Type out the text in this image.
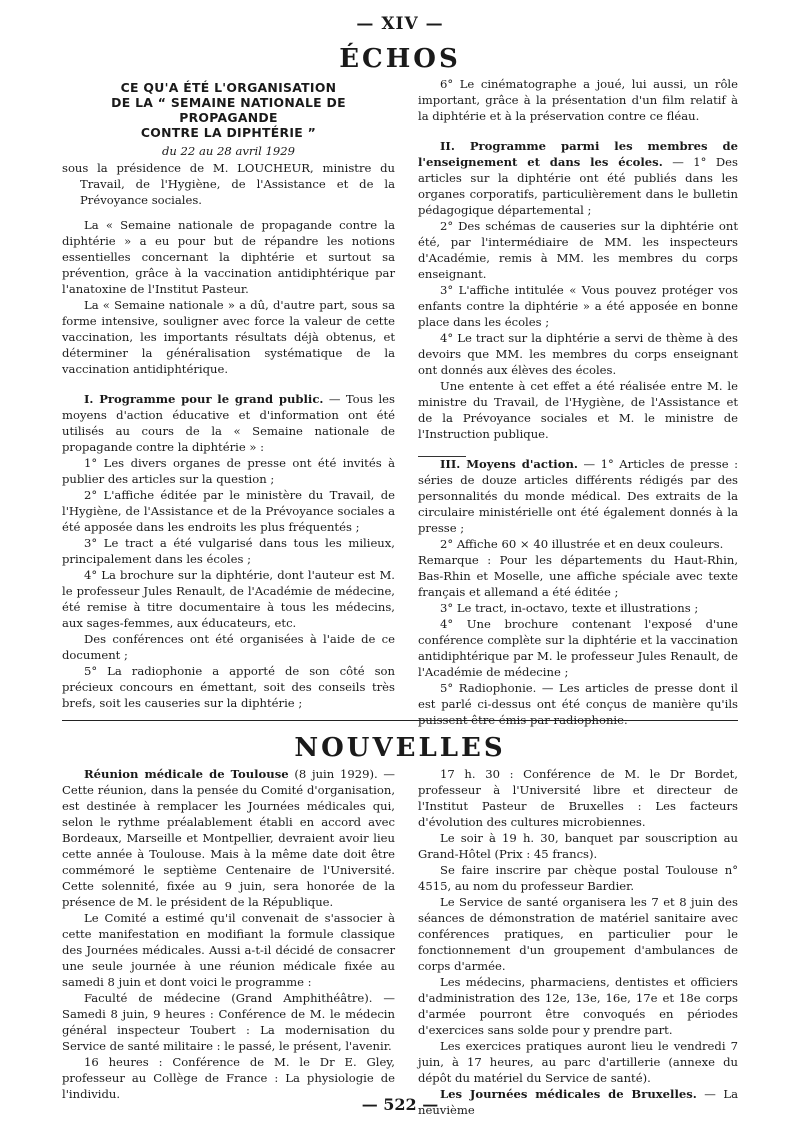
— XIV —
ÉCHOS
CE QU'A ÉTÉ L'ORGANISATION
DE LA “ SEMAINE NATIONALE DE PROPAGANDE
CONTRE LA DIPHTÉRIE ”
du 22 au 28 avril 1929

sous la présidence de M. LOUCHEUR, ministre du Travail, de l'Hygiène, de l'Assistance et de la Prévoyance sociales.

La « Semaine nationale de propagande contre la diphtérie » a eu pour but de répandre les notions essentielles concernant la diphtérie et surtout sa prévention, grâce à la vaccination antidiphtérique par l'anatoxine de l'Institut Pasteur.

La « Semaine nationale » a dû, d'autre part, sous sa forme intensive, souligner avec force la valeur de cette vaccination, les importants résultats déjà obtenus, et déterminer la généralisation systématique de la vaccination antidiphtérique.

I. Programme pour le grand public. — Tous les moyens d'action éducative et d'information ont été utilisés au cours de la « Semaine nationale de propagande contre la diphtérie » :

1° Les divers organes de presse ont été invités à publier des articles sur la question ;

2° L'affiche éditée par le ministère du Travail, de l'Hygiène, de l'Assistance et de la Prévoyance sociales a été apposée dans les endroits les plus fréquentés ;

3° Le tract a été vulgarisé dans tous les milieux, principalement dans les écoles ;

4° La brochure sur la diphtérie, dont l'auteur est M. le professeur Jules Renault, de l'Académie de médecine, été remise à titre documentaire à tous les médecins, aux sages-femmes, aux éducateurs, etc.

Des conférences ont été organisées à l'aide de ce document ;

5° La radiophonie a apporté de son côté son précieux concours en émettant, soit des conseils très brefs, soit les causeries sur la diphtérie ;

6° Le cinématographe a joué, lui aussi, un rôle important, grâce à la présentation d'un film relatif à la diphtérie et à la préservation contre ce fléau.

II. Programme parmi les membres de l'enseignement et dans les écoles. — 1° Des articles sur la diphtérie ont été publiés dans les organes corporatifs, particulièrement dans le bulletin pédagogique départemental ;

2° Des schémas de causeries sur la diphtérie ont été, par l'intermédiaire de MM. les inspecteurs d'Académie, remis à MM. les membres du corps enseignant.

3° L'affiche intitulée « Vous pouvez protéger vos enfants contre la diphtérie » a été apposée en bonne place dans les écoles ;

4° Le tract sur la diphtérie a servi de thème à des devoirs que MM. les membres du corps enseignant ont donnés aux élèves des écoles.

Une entente à cet effet a été réalisée entre M. le ministre du Travail, de l'Hygiène, de l'Assistance et de la Prévoyance sociales et M. le ministre de l'Instruction publique.

III. Moyens d'action. — 1° Articles de presse : séries de douze articles différents rédigés par des personnalités du monde médical. Des extraits de la circulaire ministérielle ont été également donnés à la presse ;

2° Affiche 60 × 40 illustrée et en deux couleurs.

Remarque : Pour les départements du Haut-Rhin, Bas-Rhin et Moselle, une affiche spéciale avec texte français et allemand a été éditée ;

3° Le tract, in-octavo, texte et illustrations ;

4° Une brochure contenant l'exposé d'une conférence complète sur la diphtérie et la vaccination antidiphtérique par M. le professeur Jules Renault, de l'Académie de médecine ;

5° Radiophonie. — Les articles de presse dont il est parlé ci-dessus ont été conçus de manière qu'ils puissent être émis par radiophonie.

NOUVELLES

Réunion médicale de Toulouse (8 juin 1929). — Cette réunion, dans la pensée du Comité d'organisation, est destinée à remplacer les Journées médicales qui, selon le rythme préalablement établi en accord avec Bordeaux, Marseille et Montpellier, devraient avoir lieu cette année à Toulouse. Mais à la même date doit être commémoré le septième Centenaire de l'Université. Cette solennité, fixée au 9 juin, sera honorée de la présence de M. le président de la République.

Le Comité a estimé qu'il convenait de s'associer à cette manifestation en modifiant la formule classique des Journées médicales. Aussi a-t-il décidé de consacrer une seule journée à une réunion médicale fixée au samedi 8 juin et dont voici le programme :

Faculté de médecine (Grand Amphithéâtre). — Samedi 8 juin, 9 heures : Conférence de M. le médecin général inspecteur Toubert : La modernisation du Service de santé militaire : le passé, le présent, l'avenir.

16 heures : Conférence de M. le Dr E. Gley, professeur au Collège de France : La physiologie de l'individu.

17 h. 30 : Conférence de M. le Dr Bordet, professeur à l'Université libre et directeur de l'Institut Pasteur de Bruxelles : Les facteurs d'évolution des cultures microbiennes.

Le soir à 19 h. 30, banquet par souscription au Grand-Hôtel (Prix : 45 francs).

Se faire inscrire par chèque postal Toulouse n° 4515, au nom du professeur Bardier.

Le Service de santé organisera les 7 et 8 juin des séances de démonstration de matériel sanitaire avec conférences pratiques, en particulier pour le fonctionnement d'un groupement d'ambulances de corps d'armée.

Les médecins, pharmaciens, dentistes et officiers d'administration des 12e, 13e, 16e, 17e et 18e corps d'armée pourront être convoqués en périodes d'exercices sans solde pour y prendre part.

Les exercices pratiques auront lieu le vendredi 7 juin, à 17 heures, au parc d'artillerie (annexe du dépôt du matériel du Service de santé).

Les Journées médicales de Bruxelles. — La neuvième

— 522 —
